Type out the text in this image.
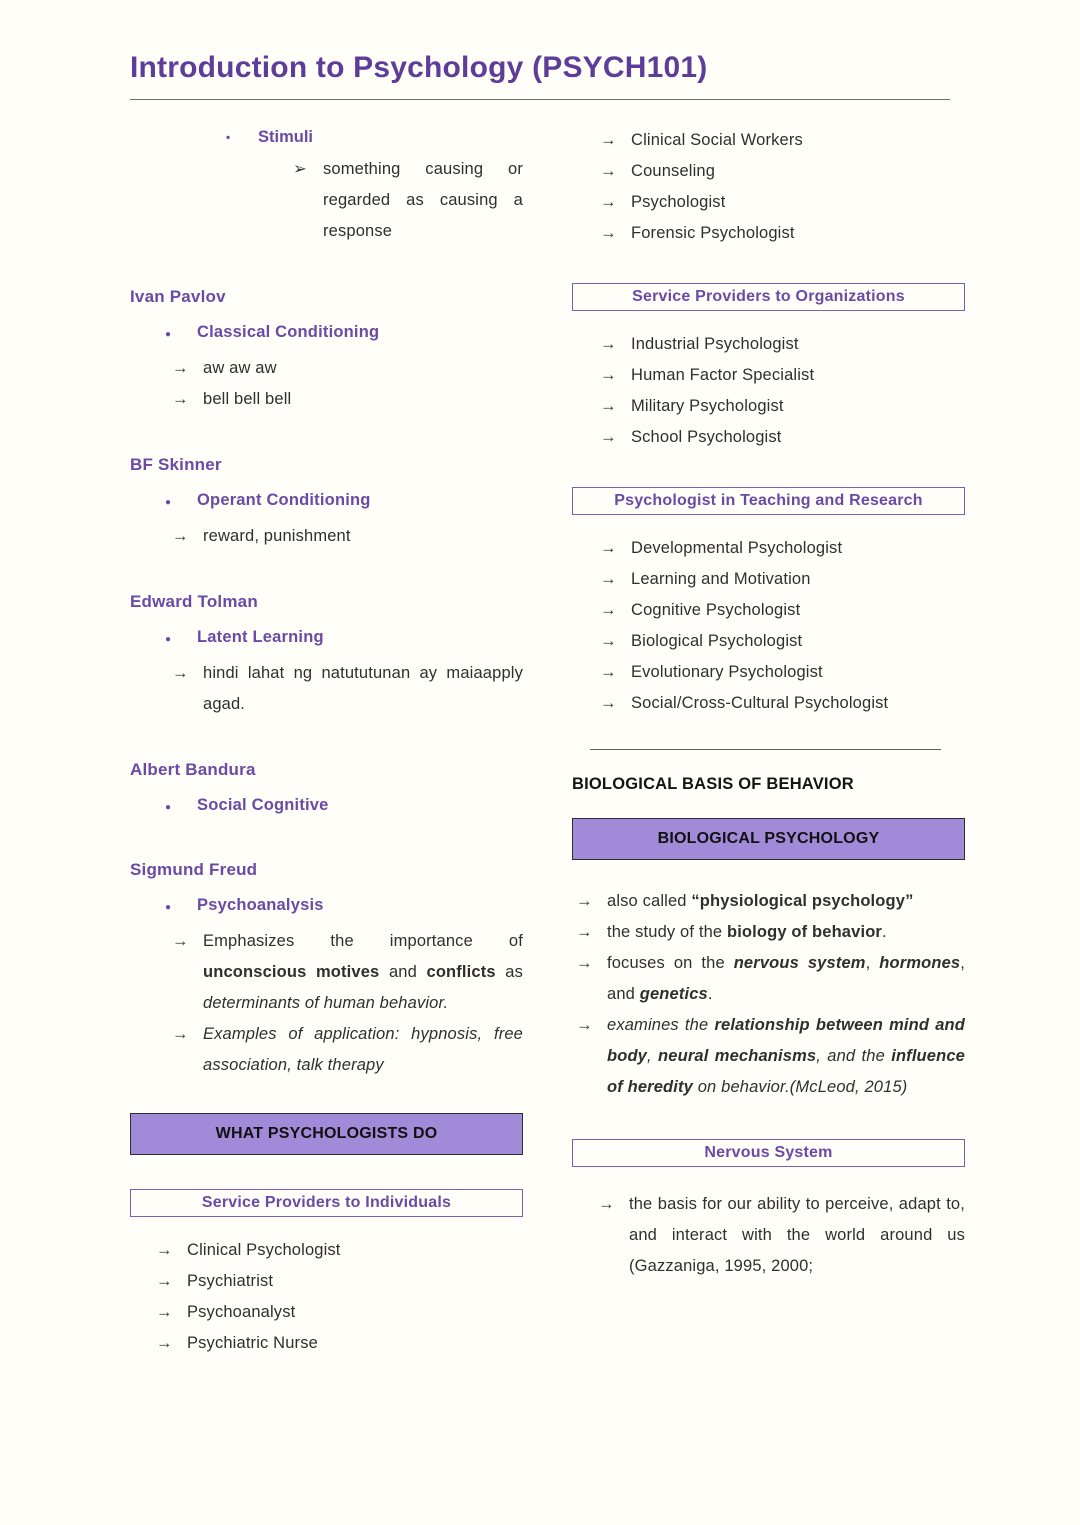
Introduction to Psychology (PSYCH101)
▪	Stimuli
➢ something causing or regarded as causing a response
Ivan Pavlov
●	Classical Conditioning
→ aw aw aw
→ bell bell bell
BF Skinner
●	Operant Conditioning
→ reward, punishment
Edward Tolman
●	Latent Learning
→ hindi lahat ng natututunan ay maiaapply agad.
Albert Bandura
●	Social Cognitive
Sigmund Freud
●	Psychoanalysis
→ Emphasizes the importance of unconscious motives and conflicts as determinants of human behavior.
→ Examples of application: hypnosis, free association, talk therapy
WHAT PSYCHOLOGISTS DO
Service Providers to Individuals
→ Clinical Psychologist
→ Psychiatrist
→ Psychoanalyst
→ Psychiatric Nurse
→ Clinical Social Workers
→ Counseling
→ Psychologist
→ Forensic Psychologist
Service Providers to Organizations
→ Industrial Psychologist
→ Human Factor Specialist
→ Military Psychologist
→ School Psychologist
Psychologist in Teaching and Research
→ Developmental Psychologist
→ Learning and Motivation
→ Cognitive Psychologist
→ Biological Psychologist
→ Evolutionary Psychologist
→ Social/Cross-Cultural Psychologist
BIOLOGICAL BASIS OF BEHAVIOR
BIOLOGICAL PSYCHOLOGY
→ also called “physiological psychology”
→ the study of the biology of behavior.
→ focuses on the nervous system, hormones, and genetics.
→ examines the relationship between mind and body, neural mechanisms, and the influence of heredity on behavior.(McLeod, 2015)
Nervous System
→ the basis for our ability to perceive, adapt to, and interact with the world around us (Gazzaniga, 1995, 2000;
